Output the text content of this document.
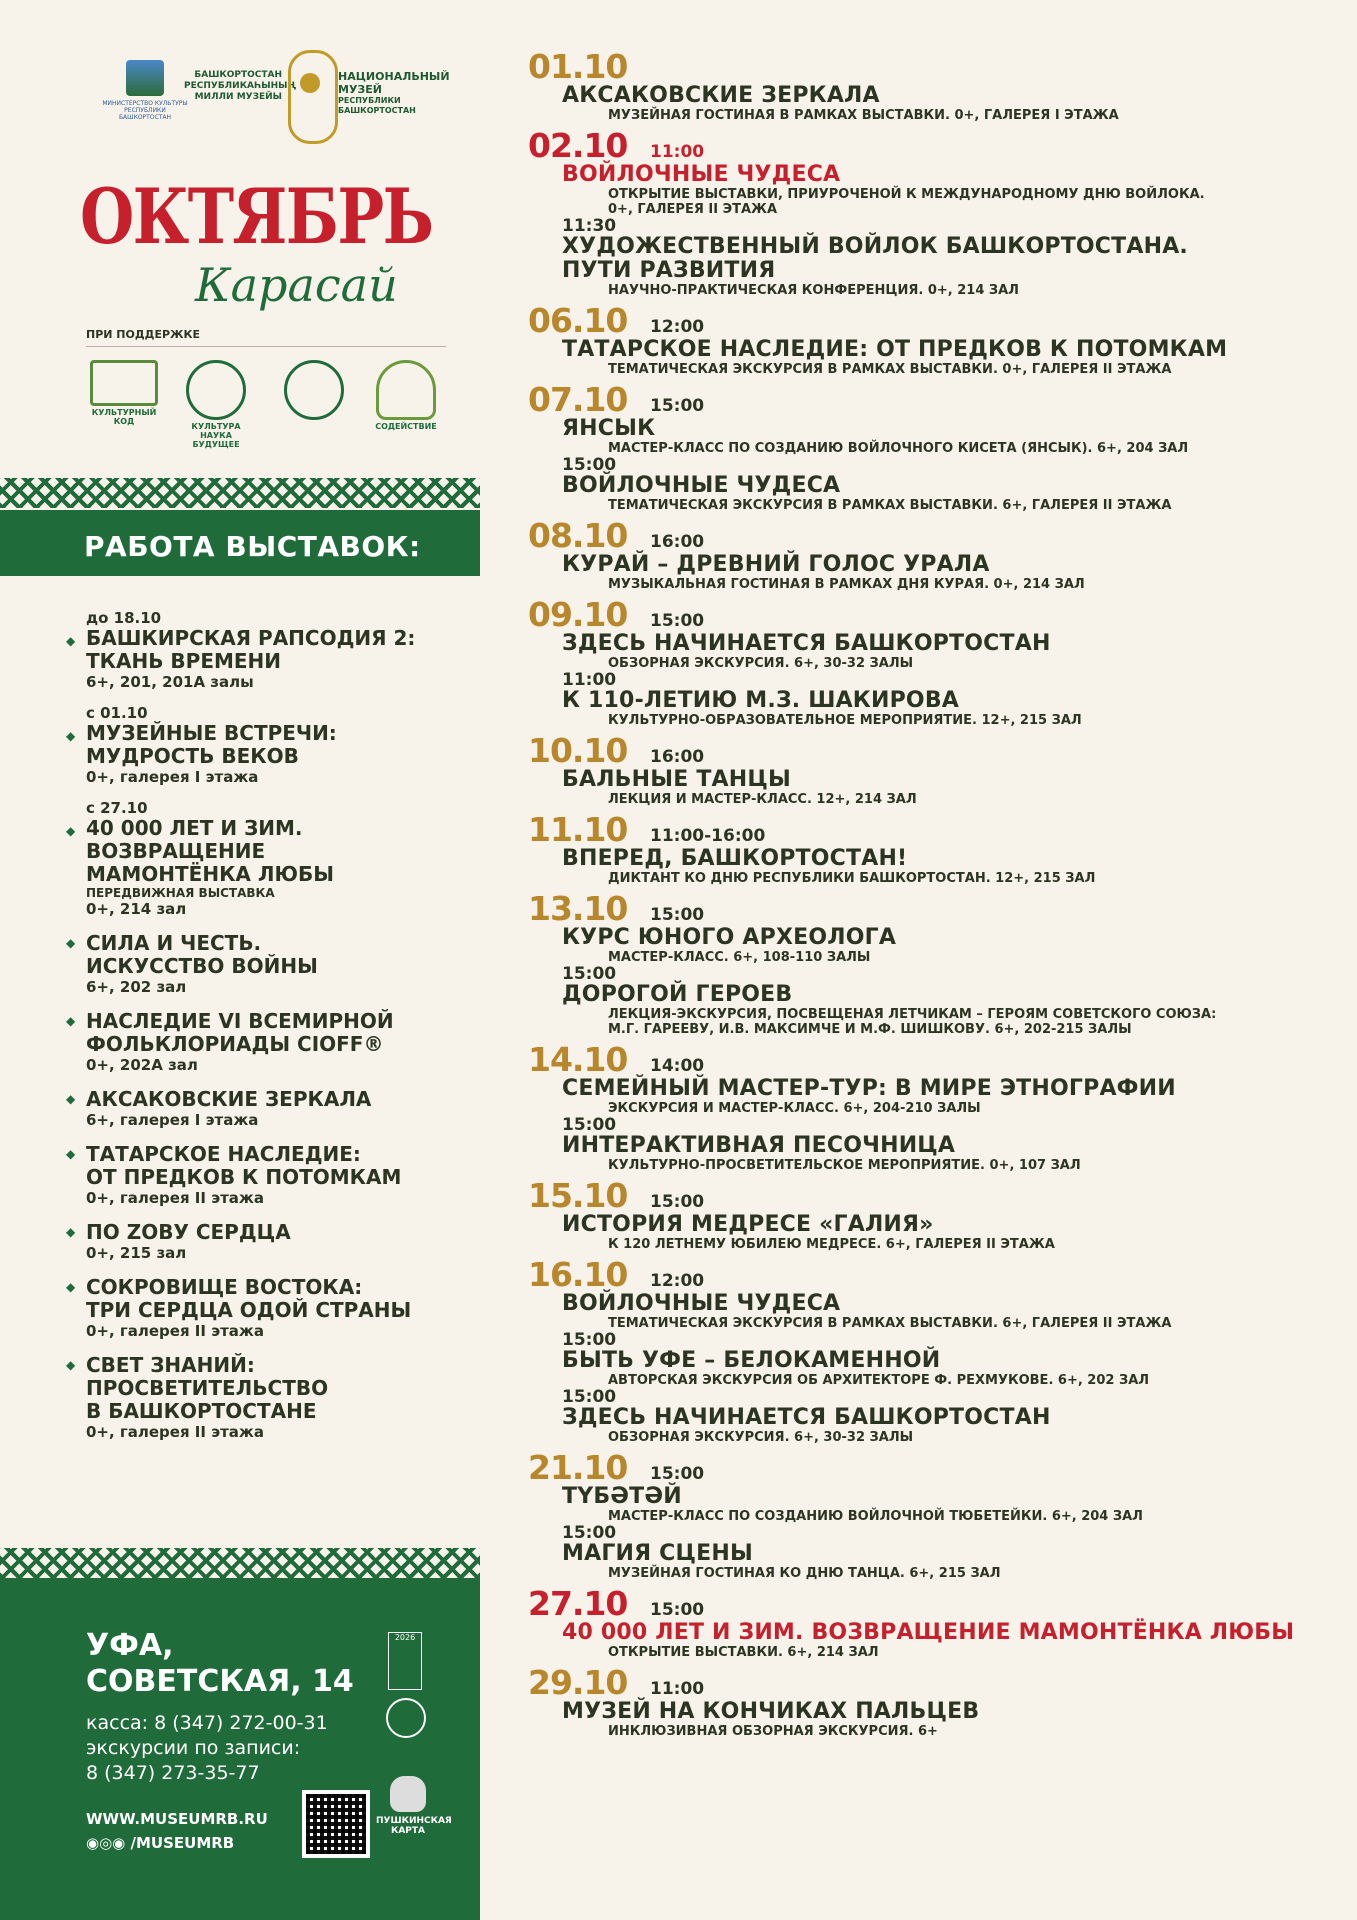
МИНИСТЕРСТВО КУЛЬТУРЫ РЕСПУБЛИКИ БАШКОРТОСТАН
БАШКОРТОСТАН РЕСПУБЛИКАҺЫНЫҢ МИЛЛИ МУЗЕЙЫ
НАЦИОНАЛЬНЫЙ МУЗЕЙ
РЕСПУБЛИКИ БАШКОРТОСТАН
ОКТЯБРЬ
Карасай
ПРИ ПОДДЕРЖКЕ
КУЛЬТУРНЫЙ КОД
КУЛЬТУРА НАУКА БУДУЩЕЕ
СОДЕЙСТВИЕ
РАБОТА ВЫСТАВОК:
до 18.10
◆ БАШКИРСКАЯ РАПСОДИЯ 2:
ТКАНЬ ВРЕМЕНИ
6+, 201, 201А залы
с 01.10
◆ МУЗЕЙНЫЕ ВСТРЕЧИ:
МУДРОСТЬ ВЕКОВ
0+, галерея I этажа
с 27.10
◆ 40 000 ЛЕТ И ЗИМ.
ВОЗВРАЩЕНИЕ
МАМОНТЁНКА ЛЮБЫ
ПЕРЕДВИЖНАЯ ВЫСТАВКА
0+, 214 зал
◆ СИЛА И ЧЕСТЬ.
ИСКУССТВО ВОЙНЫ
6+, 202 зал
◆ НАСЛЕДИЕ VI ВСЕМИРНОЙ
ФОЛЬКЛОРИАДЫ CIOFF®
0+, 202А зал
◆ АКСАКОВСКИЕ ЗЕРКАЛА
6+, галерея I этажа
◆ ТАТАРСКОЕ НАСЛЕДИЕ:
ОТ ПРЕДКОВ К ПОТОМКАМ
0+, галерея II этажа
◆ ПО ZOВУ СЕРДЦА
0+, 215 зал
◆ СОКРОВИЩЕ ВОСТОКА:
ТРИ СЕРДЦА ОДОЙ СТРАНЫ
0+, галерея II этажа
◆ СВЕТ ЗНАНИЙ:
ПРОСВЕТИТЕЛЬСТВО
В БАШКОРТОСТАНЕ
0+, галерея II этажа
УФА,
СОВЕТСКАЯ, 14
касса: 8 (347) 272-00-31
экскурсии по записи:
8 (347) 273-35-77
WWW.MUSEUMRB.RU
◉◎◉ /MUSEUMRB
2026
ПУШКИНСКАЯ КАРТА
01.10
АКСАКОВСКИЕ ЗЕРКАЛА
МУЗЕЙНАЯ ГОСТИНАЯ В РАМКАХ ВЫСТАВКИ. 0+, ГАЛЕРЕЯ I ЭТАЖА
02.10 11:00
ВОЙЛОЧНЫЕ ЧУДЕСА
ОТКРЫТИЕ ВЫСТАВКИ, ПРИУРОЧЕНОЙ К МЕЖДУНАРОДНОМУ ДНЮ ВОЙЛОКА.
0+, ГАЛЕРЕЯ II ЭТАЖА
11:30
ХУДОЖЕСТВЕННЫЙ ВОЙЛОК БАШКОРТОСТАНА.
ПУТИ РАЗВИТИЯ
НАУЧНО-ПРАКТИЧЕСКАЯ КОНФЕРЕНЦИЯ. 0+, 214 ЗАЛ
06.10 12:00
ТАТАРСКОЕ НАСЛЕДИЕ: ОТ ПРЕДКОВ К ПОТОМКАМ
ТЕМАТИЧЕСКАЯ ЭКСКУРСИЯ В РАМКАХ ВЫСТАВКИ. 0+, ГАЛЕРЕЯ II ЭТАЖА
07.10 15:00
ЯНСЫК
МАСТЕР-КЛАСС ПО СОЗДАНИЮ ВОЙЛОЧНОГО КИСЕТА (ЯНСЫК). 6+, 204 ЗАЛ
15:00
ВОЙЛОЧНЫЕ ЧУДЕСА
ТЕМАТИЧЕСКАЯ ЭКСКУРСИЯ В РАМКАХ ВЫСТАВКИ. 6+, ГАЛЕРЕЯ II ЭТАЖА
08.10 16:00
КУРАЙ – ДРЕВНИЙ ГОЛОС УРАЛА
МУЗЫКАЛЬНАЯ ГОСТИНАЯ В РАМКАХ ДНЯ КУРАЯ. 0+, 214 ЗАЛ
09.10 15:00
ЗДЕСЬ НАЧИНАЕТСЯ БАШКОРТОСТАН
ОБЗОРНАЯ ЭКСКУРСИЯ. 6+, 30-32 ЗАЛЫ
11:00
К 110-ЛЕТИЮ М.З. ШАКИРОВА
КУЛЬТУРНО-ОБРАЗОВАТЕЛЬНОЕ МЕРОПРИЯТИЕ. 12+, 215 ЗАЛ
10.10 16:00
БАЛЬНЫЕ ТАНЦЫ
ЛЕКЦИЯ И МАСТЕР-КЛАСС. 12+, 214 ЗАЛ
11.10 11:00-16:00
ВПЕРЕД, БАШКОРТОСТАН!
ДИКТАНТ КО ДНЮ РЕСПУБЛИКИ БАШКОРТОСТАН. 12+, 215 ЗАЛ
13.10 15:00
КУРС ЮНОГО АРХЕОЛОГА
МАСТЕР-КЛАСС. 6+, 108-110 ЗАЛЫ
15:00
ДОРОГОЙ ГЕРОЕВ
ЛЕКЦИЯ-ЭКСКУРСИЯ, ПОСВЕЩЕНАЯ ЛЕТЧИКАМ – ГЕРОЯМ СОВЕТСКОГО СОЮЗА:
М.Г. ГАРЕЕВУ, И.В. МАКСИМЧЕ И М.Ф. ШИШКОВУ. 6+, 202-215 ЗАЛЫ
14.10 14:00
СЕМЕЙНЫЙ МАСТЕР-ТУР: В МИРЕ ЭТНОГРАФИИ
ЭКСКУРСИЯ И МАСТЕР-КЛАСС. 6+, 204-210 ЗАЛЫ
15:00
ИНТЕРАКТИВНАЯ ПЕСОЧНИЦА
КУЛЬТУРНО-ПРОСВЕТИТЕЛЬСКОЕ МЕРОПРИЯТИЕ. 0+, 107 ЗАЛ
15.10 15:00
ИСТОРИЯ МЕДРЕСЕ «ГАЛИЯ»
К 120 ЛЕТНЕМУ ЮБИЛЕЮ МЕДРЕСЕ. 6+, ГАЛЕРЕЯ II ЭТАЖА
16.10 12:00
ВОЙЛОЧНЫЕ ЧУДЕСА
ТЕМАТИЧЕСКАЯ ЭКСКУРСИЯ В РАМКАХ ВЫСТАВКИ. 6+, ГАЛЕРЕЯ II ЭТАЖА
15:00
БЫТЬ УФЕ – БЕЛОКАМЕННОЙ
АВТОРСКАЯ ЭКСКУРСИЯ ОБ АРХИТЕКТОРЕ Ф. РЕХМУКОВЕ. 6+, 202 ЗАЛ
15:00
ЗДЕСЬ НАЧИНАЕТСЯ БАШКОРТОСТАН
ОБЗОРНАЯ ЭКСКУРСИЯ. 6+, 30-32 ЗАЛЫ
21.10 15:00
ТҮБӘТӘЙ
МАСТЕР-КЛАСС ПО СОЗДАНИЮ ВОЙЛОЧНОЙ ТЮБЕТЕЙКИ. 6+, 204 ЗАЛ
15:00
МАГИЯ СЦЕНЫ
МУЗЕЙНАЯ ГОСТИНАЯ КО ДНЮ ТАНЦА. 6+, 215 ЗАЛ
27.10 15:00
40 000 ЛЕТ И ЗИМ. ВОЗВРАЩЕНИЕ МАМОНТЁНКА ЛЮБЫ
ОТКРЫТИЕ ВЫСТАВКИ. 6+, 214 ЗАЛ
29.10 11:00
МУЗЕЙ НА КОНЧИКАХ ПАЛЬЦЕВ
ИНКЛЮЗИВНАЯ ОБЗОРНАЯ ЭКСКУРСИЯ. 6+
